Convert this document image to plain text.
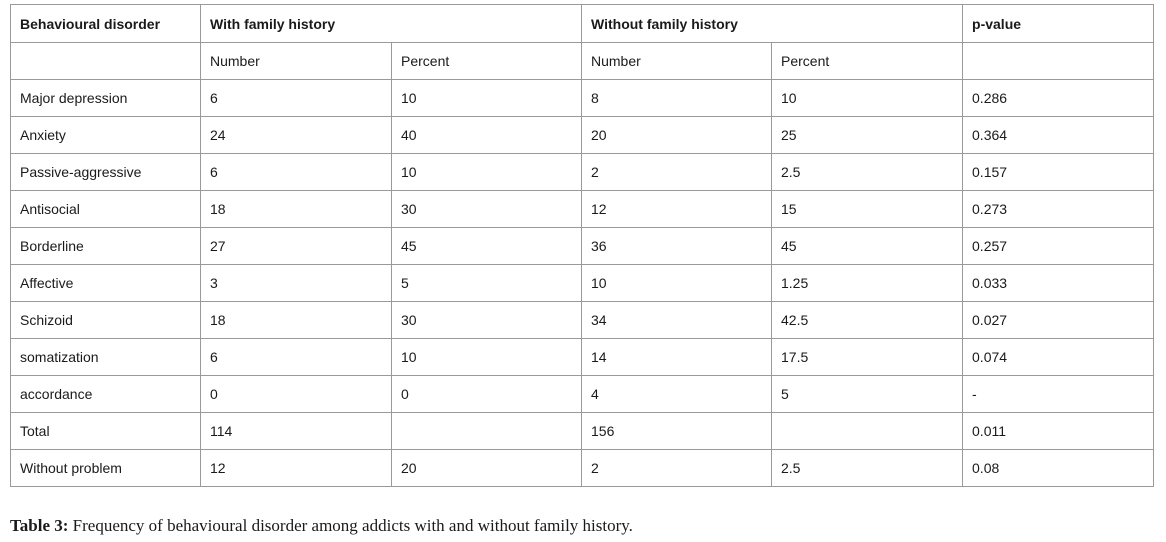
Behavioural disorder	With family history		Without family history		p-value
	Number	Percent	Number	Percent	
Major depression	6	10	8	10	0.286
Anxiety	24	40	20	25	0.364
Passive-aggressive	6	10	2	2.5	0.157
Antisocial	18	30	12	15	0.273
Borderline	27	45	36	45	0.257
Affective	3	5	10	1.25	0.033
Schizoid	18	30	34	42.5	0.027
somatization	6	10	14	17.5	0.074
accordance	0	0	4	5	-
Total	114		156		0.011
Without problem	12	20	2	2.5	0.08
Table 3: Frequency of behavioural disorder among addicts with and without family history.
